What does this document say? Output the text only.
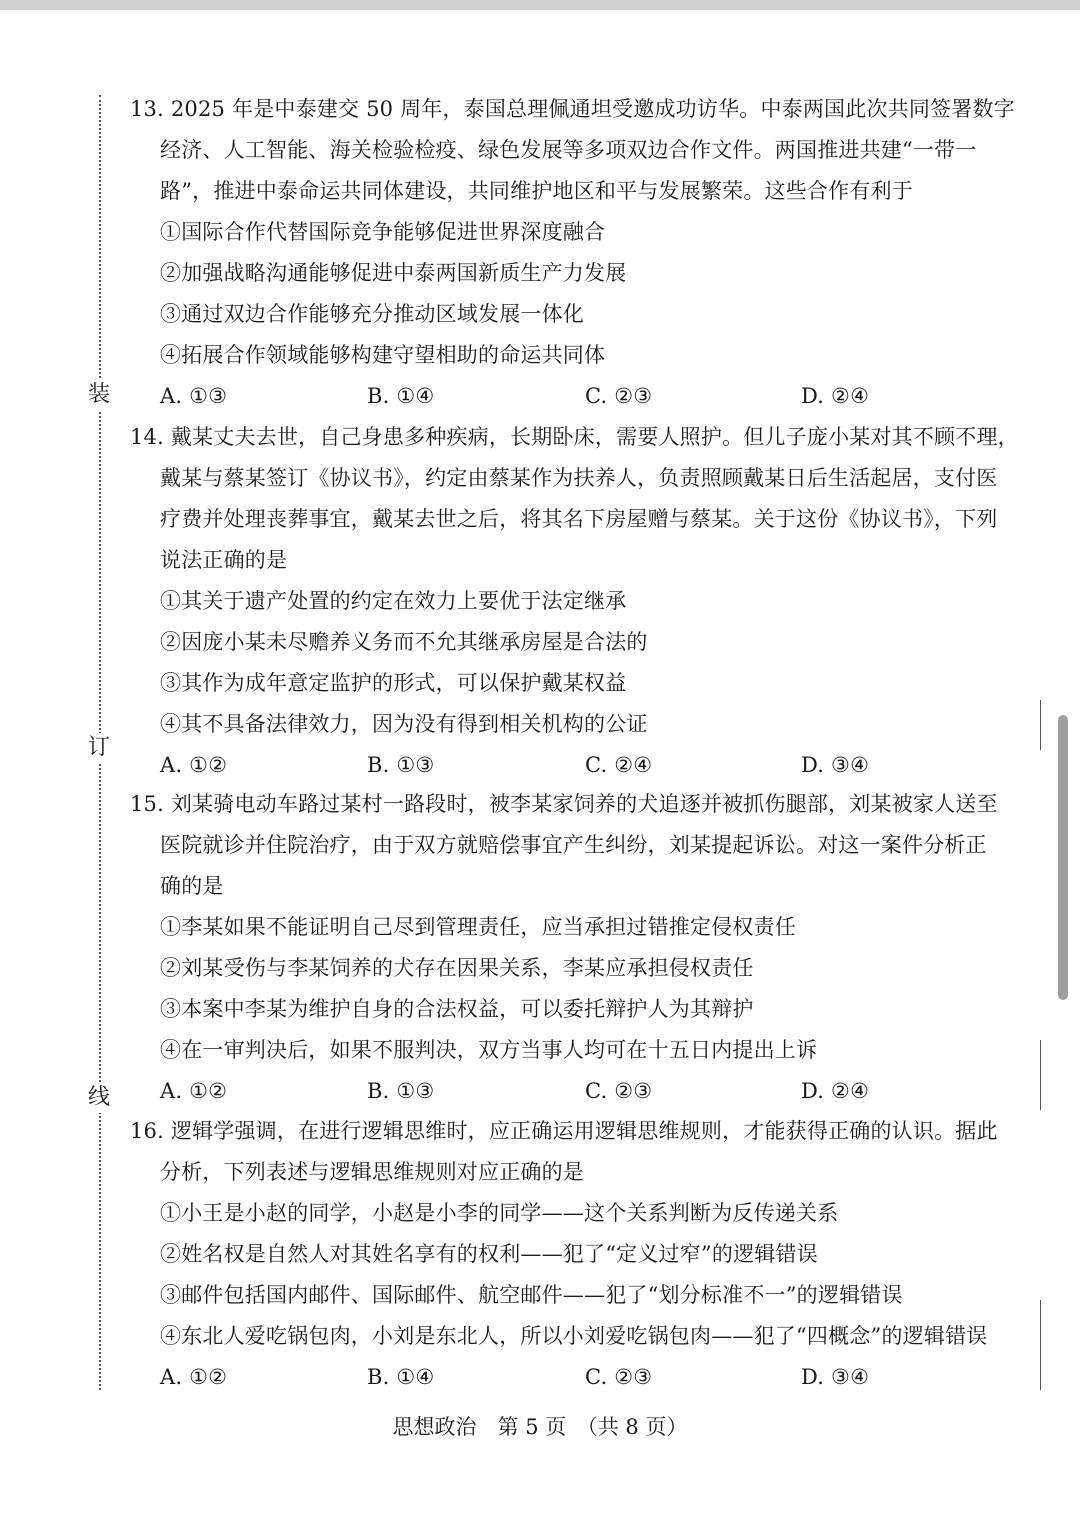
装
订
线
13. 2025 年是中泰建交 50 周年，泰国总理佩通坦受邀成功访华。中泰两国此次共同签署数字
经济、人工智能、海关检验检疫、绿色发展等多项双边合作文件。两国推进共建“一带一
路”，推进中泰命运共同体建设，共同维护地区和平与发展繁荣。这些合作有利于
①国际合作代替国际竞争能够促进世界深度融合
②加强战略沟通能够促进中泰两国新质生产力发展
③通过双边合作能够充分推动区域发展一体化
④拓展合作领域能够构建守望相助的命运共同体
A. ①③	B. ①④	C. ②③	D. ②④
14. 戴某丈夫去世，自己身患多种疾病，长期卧床，需要人照护。但儿子庞小某对其不顾不理，
戴某与蔡某签订《协议书》，约定由蔡某作为扶养人，负责照顾戴某日后生活起居，支付医
疗费并处理丧葬事宜，戴某去世之后，将其名下房屋赠与蔡某。关于这份《协议书》，下列
说法正确的是
①其关于遗产处置的约定在效力上要优于法定继承
②因庞小某未尽赡养义务而不允其继承房屋是合法的
③其作为成年意定监护的形式，可以保护戴某权益
④其不具备法律效力，因为没有得到相关机构的公证
A. ①②	B. ①③	C. ②④	D. ③④
15. 刘某骑电动车路过某村一路段时，被李某家饲养的犬追逐并被抓伤腿部，刘某被家人送至
医院就诊并住院治疗，由于双方就赔偿事宜产生纠纷，刘某提起诉讼。对这一案件分析正
确的是
①李某如果不能证明自己尽到管理责任，应当承担过错推定侵权责任
②刘某受伤与李某饲养的犬存在因果关系，李某应承担侵权责任
③本案中李某为维护自身的合法权益，可以委托辩护人为其辩护
④在一审判决后，如果不服判决，双方当事人均可在十五日内提出上诉
A. ①②	B. ①③	C. ②③	D. ②④
16. 逻辑学强调，在进行逻辑思维时，应正确运用逻辑思维规则，才能获得正确的认识。据此
分析，下列表述与逻辑思维规则对应正确的是
①小王是小赵的同学，小赵是小李的同学——这个关系判断为反传递关系
②姓名权是自然人对其姓名享有的权利——犯了“定义过窄”的逻辑错误
③邮件包括国内邮件、国际邮件、航空邮件——犯了“划分标准不一”的逻辑错误
④东北人爱吃锅包肉，小刘是东北人，所以小刘爱吃锅包肉——犯了“四概念”的逻辑错误
A. ①②	B. ①④	C. ②③	D. ③④
思想政治　第 5 页　（共 8 页）
